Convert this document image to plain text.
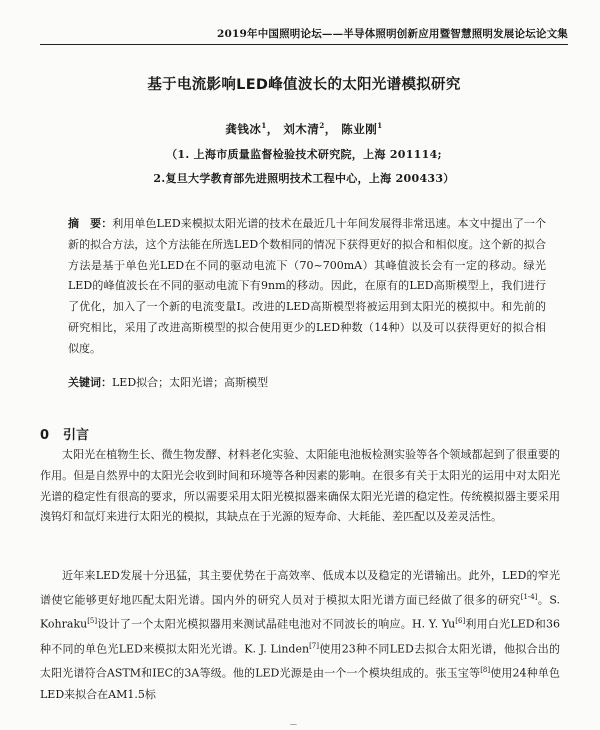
2019年中国照明论坛——半导体照明创新应用暨智慧照明发展论坛论文集
基于电流影响LED峰值波长的太阳光谱模拟研究
龚钱冰$^1$， 刘木清$^2$， 陈业刚$^1$
（1. 上海市质量监督检验技术研究院，上海 201114;
2.复旦大学教育部先进照明技术工程中心，上海 200433）
摘　要：利用单色LED来模拟太阳光谱的技术在最近几十年间发展得非常迅速。本文中提出了一个新的拟合方法，这个方法能在所选LED个数相同的情况下获得更好的拟合和相似度。这个新的拟合方法是基于单色光LED在不同的驱动电流下（70~700mA）其峰值波长会有一定的移动。绿光LED的峰值波长在不同的驱动电流下有9nm的移动。因此，在原有的LED高斯模型上，我们进行了优化，加入了一个新的电流变量I。改进的LED高斯模型将被运用到太阳光的模拟中。和先前的研究相比，采用了改进高斯模型的拟合使用更少的LED种数（14种）以及可以获得更好的拟合相似度。
关键词：LED拟合；太阳光谱；高斯模型
0 引言
太阳光在植物生长、微生物发酵、材料老化实验、太阳能电池板检测实验等各个领域都起到了很重要的作用。但是自然界中的太阳光会收到时间和环境等各种因素的影响。在很多有关于太阳光的运用中对太阳光光谱的稳定性有很高的要求，所以需要采用太阳光模拟器来确保太阳光光谱的稳定性。传统模拟器主要采用溴钨灯和氙灯来进行太阳光的模拟，其缺点在于光源的短寿命、大耗能、差匹配以及差灵活性。
近年来LED发展十分迅猛，其主要优势在于高效率、低成本以及稳定的光谱输出。此外，LED的窄光谱使它能够更好地匹配太阳光谱。国内外的研究人员对于模拟太阳光谱方面已经做了很多的研究[1-4]。S. Kohraku[5]设计了一个太阳光模拟器用来测试晶硅电池对不同波长的响应。H. Y. Yu[6]利用白光LED和36种不同的单色光LED来模拟太阳光光谱。K. J. Linden[7]使用23种不同LED去拟合太阳光谱，他拟合出的太阳光谱符合ASTM和IEC的3A等级。他的LED光源是由一个一个模块组成的。张玉宝等[8]使用24种单色LED来拟合在AM1.5标
—
